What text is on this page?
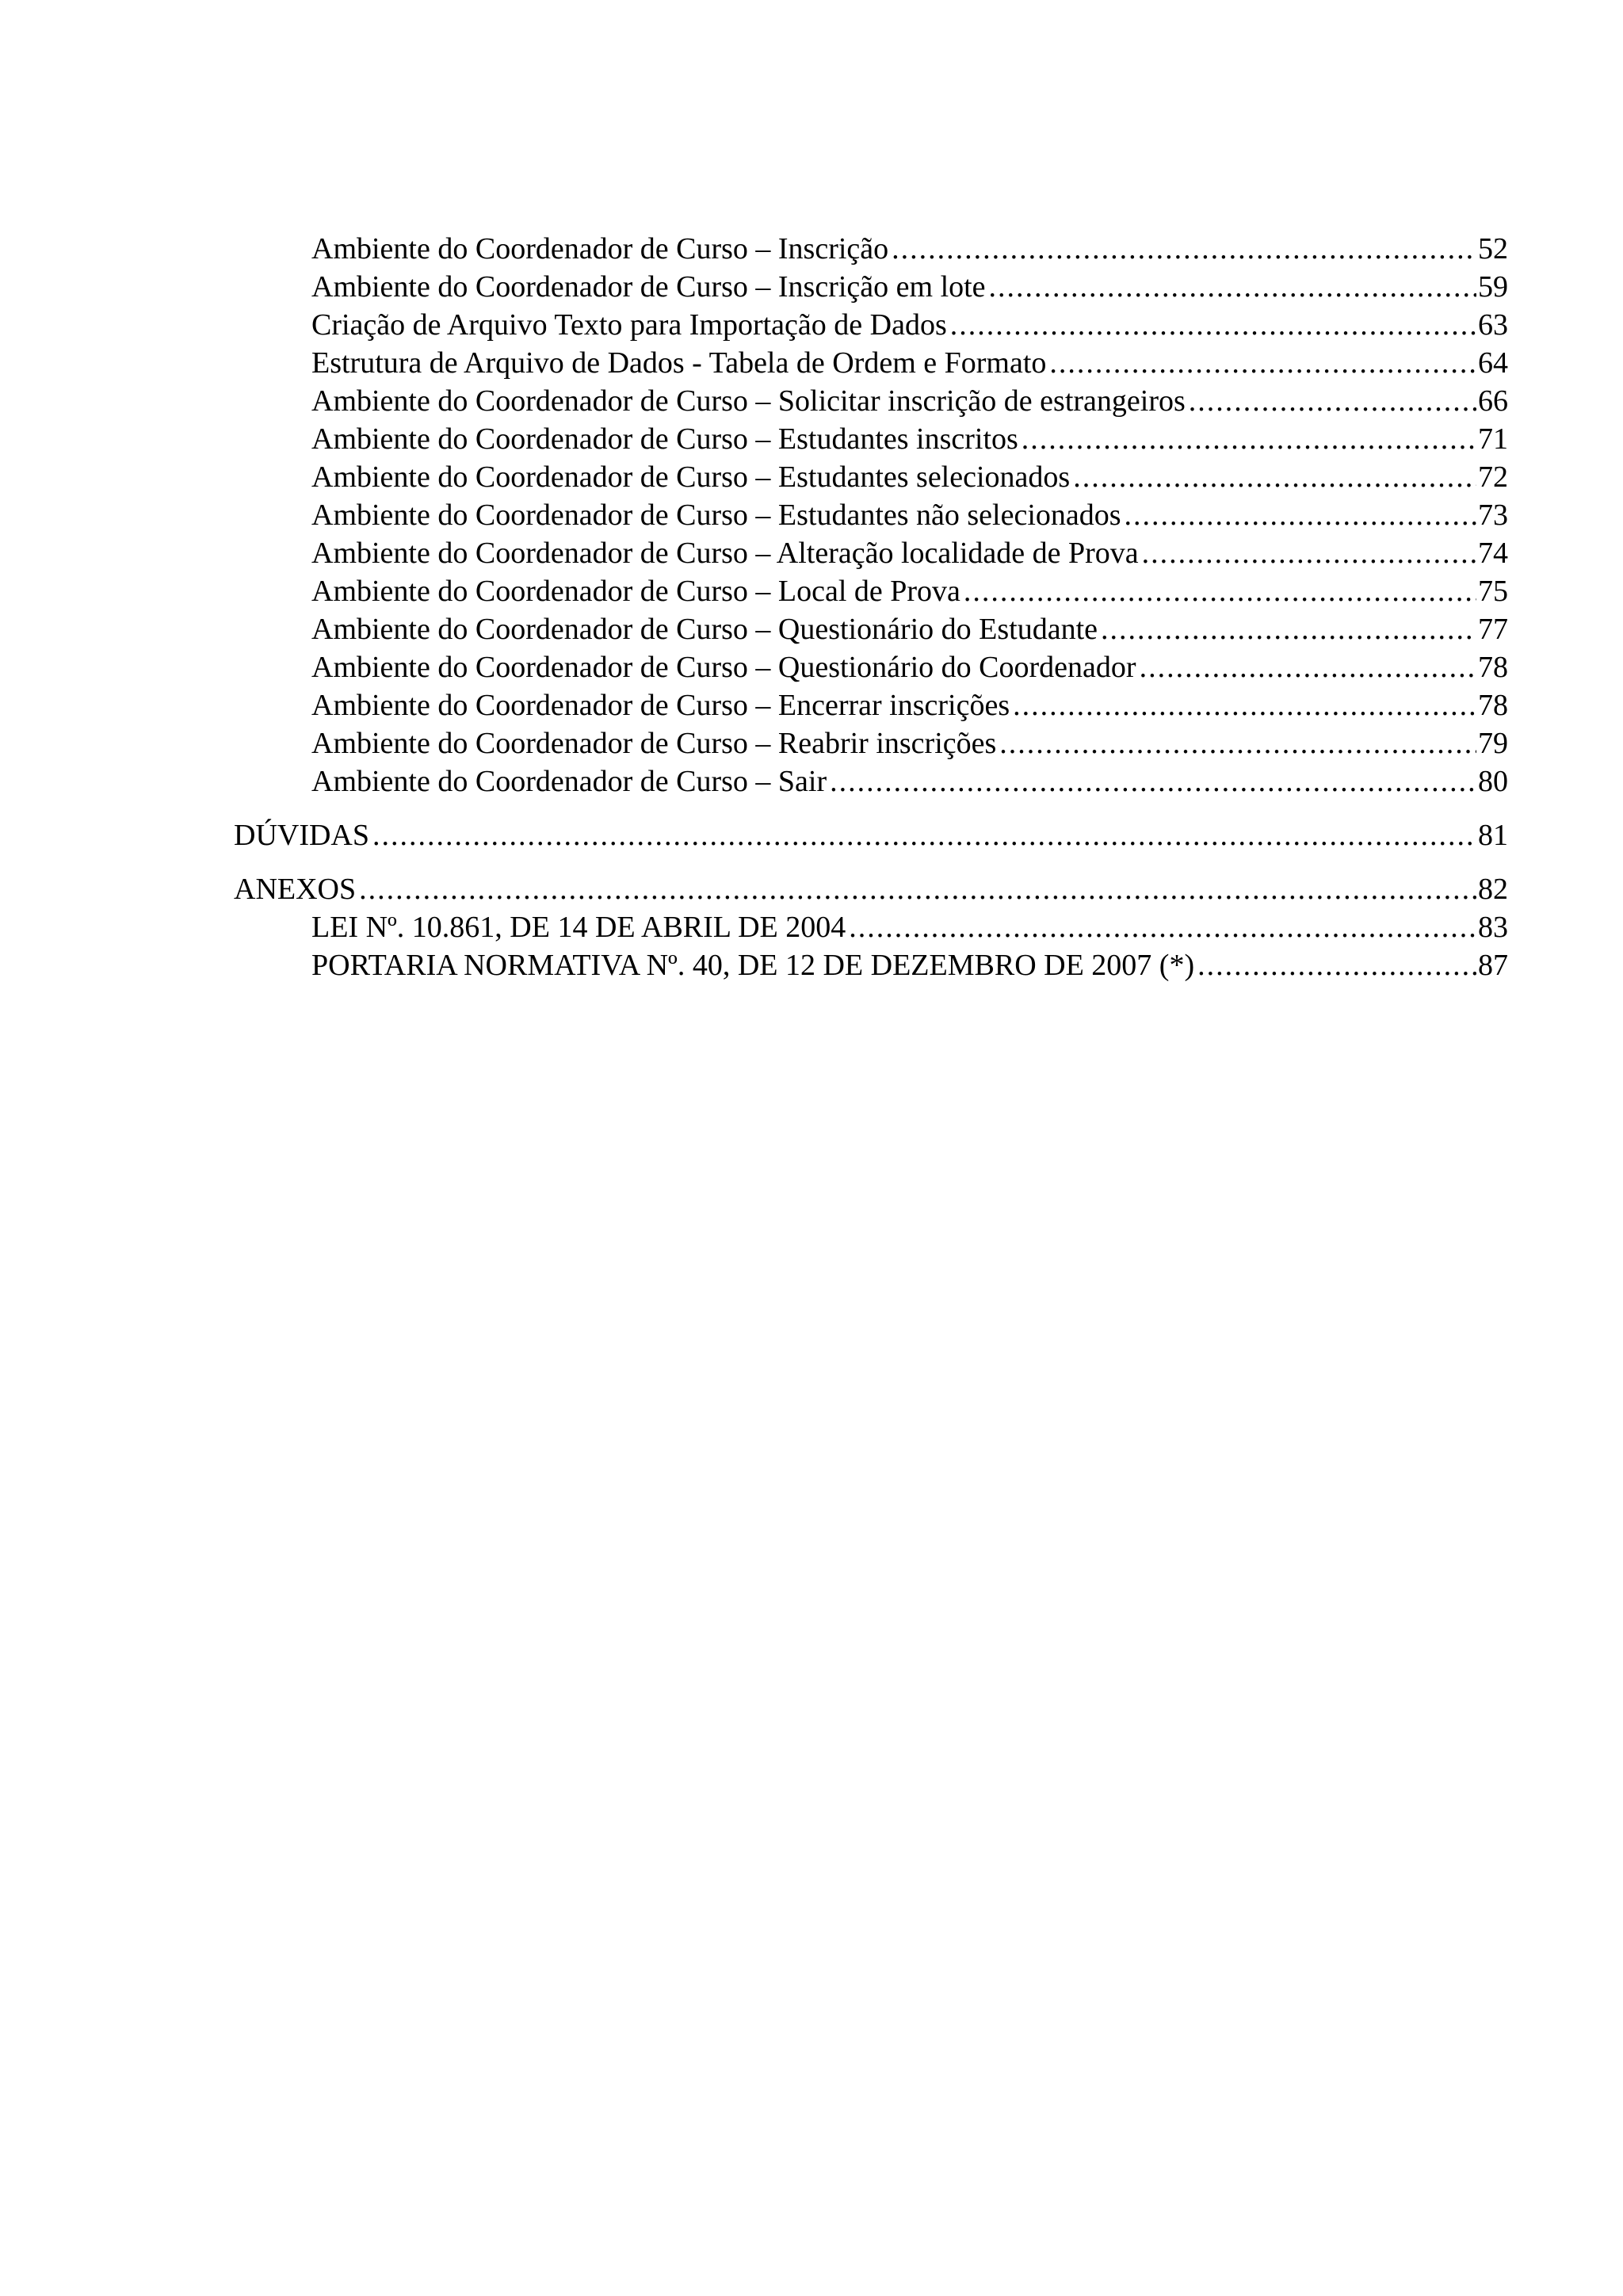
Ambiente do Coordenador de Curso – Inscrição .....	52
Ambiente do Coordenador de Curso – Inscrição em lote .....	59
Criação de Arquivo Texto para Importação de Dados .....	63
Estrutura de Arquivo de Dados - Tabela de Ordem e Formato .....	64
Ambiente do Coordenador de Curso – Solicitar inscrição de estrangeiros .....	66
Ambiente do Coordenador de Curso – Estudantes inscritos .....	71
Ambiente do Coordenador de Curso – Estudantes selecionados .....	72
Ambiente do Coordenador de Curso – Estudantes não selecionados .....	73
Ambiente do Coordenador de Curso – Alteração localidade de Prova .....	74
Ambiente do Coordenador de Curso – Local de Prova .....	75
Ambiente do Coordenador de Curso – Questionário do Estudante .....	77
Ambiente do Coordenador de Curso – Questionário do Coordenador .....	78
Ambiente do Coordenador de Curso – Encerrar inscrições .....	78
Ambiente do Coordenador de Curso – Reabrir inscrições .....	79
Ambiente do Coordenador de Curso – Sair .....	80
DÚVIDAS .....	81
ANEXOS .....	82
LEI Nº. 10.861, DE 14 DE ABRIL DE 2004 .....	83
PORTARIA NORMATIVA Nº. 40, DE 12 DE DEZEMBRO DE 2007 (*) .....	87
